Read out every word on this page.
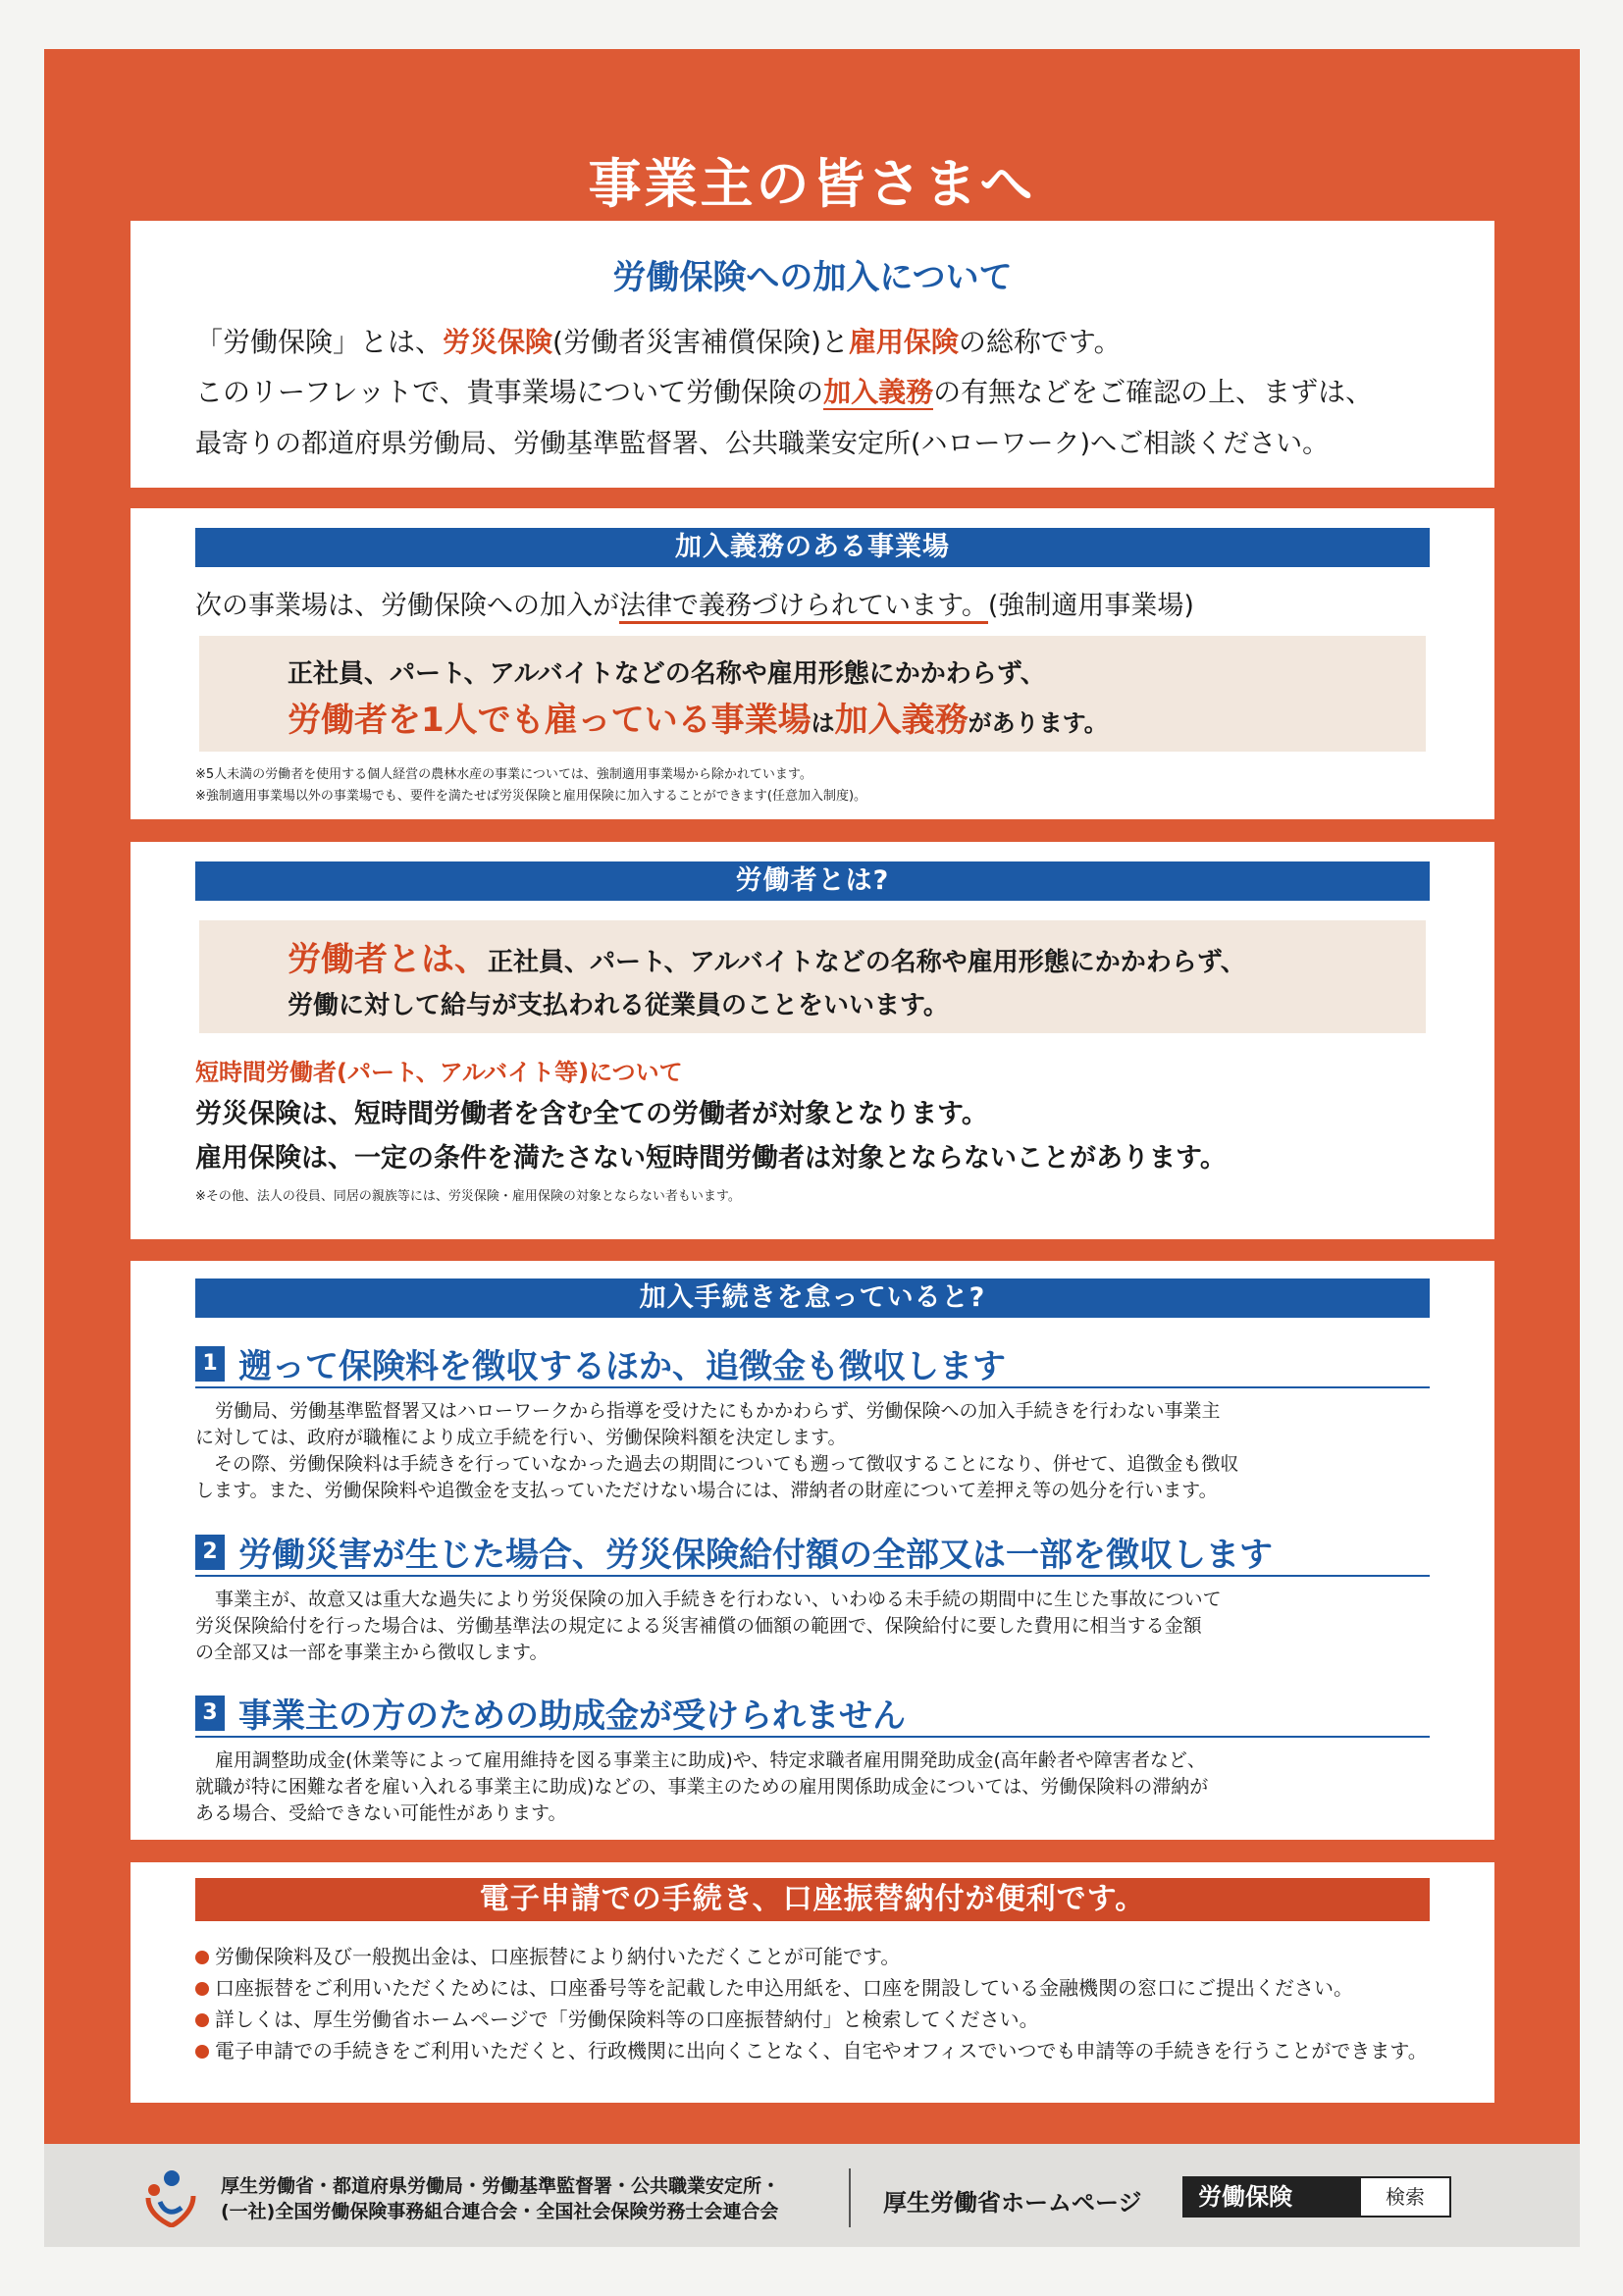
事業主の皆さまへ
労働保険への加入について
「労働保険」とは、労災保険(労働者災害補償保険)と雇用保険の総称です。
このリーフレットで、貴事業場について労働保険の加入義務の有無などをご確認の上、まずは、
最寄りの都道府県労働局、労働基準監督署、公共職業安定所(ハローワーク)へご相談ください。
加入義務のある事業場
次の事業場は、労働保険への加入が法律で義務づけられています。(強制適用事業場)
正社員、パート、アルバイトなどの名称や雇用形態にかかわらず、
労働者を1人でも雇っている事業場は加入義務があります。
※5人未満の労働者を使用する個人経営の農林水産の事業については、強制適用事業場から除かれています。
※強制適用事業場以外の事業場でも、要件を満たせば労災保険と雇用保険に加入することができます(任意加入制度)。
労働者とは?
労働者とは、正社員、パート、アルバイトなどの名称や雇用形態にかかわらず、
労働に対して給与が支払われる従業員のことをいいます。
短時間労働者(パート、アルバイト等)について
労災保険は、短時間労働者を含む全ての労働者が対象となります。
雇用保険は、一定の条件を満たさない短時間労働者は対象とならないことがあります。
※その他、法人の役員、同居の親族等には、労災保険・雇用保険の対象とならない者もいます。
加入手続きを怠っていると?
1 遡って保険料を徴収するほか、追徴金も徴収します
労働局、労働基準監督署又はハローワークから指導を受けたにもかかわらず、労働保険への加入手続きを行わない事業主
に対しては、政府が職権により成立手続を行い、労働保険料額を決定します。
　その際、労働保険料は手続きを行っていなかった過去の期間についても遡って徴収することになり、併せて、追徴金も徴収
します。また、労働保険料や追徴金を支払っていただけない場合には、滞納者の財産について差押え等の処分を行います。
2 労働災害が生じた場合、労災保険給付額の全部又は一部を徴収します
事業主が、故意又は重大な過失により労災保険の加入手続きを行わない、いわゆる未手続の期間中に生じた事故について
労災保険給付を行った場合は、労働基準法の規定による災害補償の価額の範囲で、保険給付に要した費用に相当する金額
の全部又は一部を事業主から徴収します。
3 事業主の方のための助成金が受けられません
雇用調整助成金(休業等によって雇用維持を図る事業主に助成)や、特定求職者雇用開発助成金(高年齢者や障害者など、
就職が特に困難な者を雇い入れる事業主に助成)などの、事業主のための雇用関係助成金については、労働保険料の滞納が
ある場合、受給できない可能性があります。
電子申請での手続き、口座振替納付が便利です。
労働保険料及び一般拠出金は、口座振替により納付いただくことが可能です。
口座振替をご利用いただくためには、口座番号等を記載した申込用紙を、口座を開設している金融機関の窓口にご提出ください。
詳しくは、厚生労働省ホームページで「労働保険料等の口座振替納付」と検索してください。
電子申請での手続きをご利用いただくと、行政機関に出向くことなく、自宅やオフィスでいつでも申請等の手続きを行うことができます。
厚生労働省・都道府県労働局・労働基準監督署・公共職業安定所・
(一社)全国労働保険事務組合連合会・全国社会保険労務士会連合会	厚生労働省ホームページ	労働保険	検索
